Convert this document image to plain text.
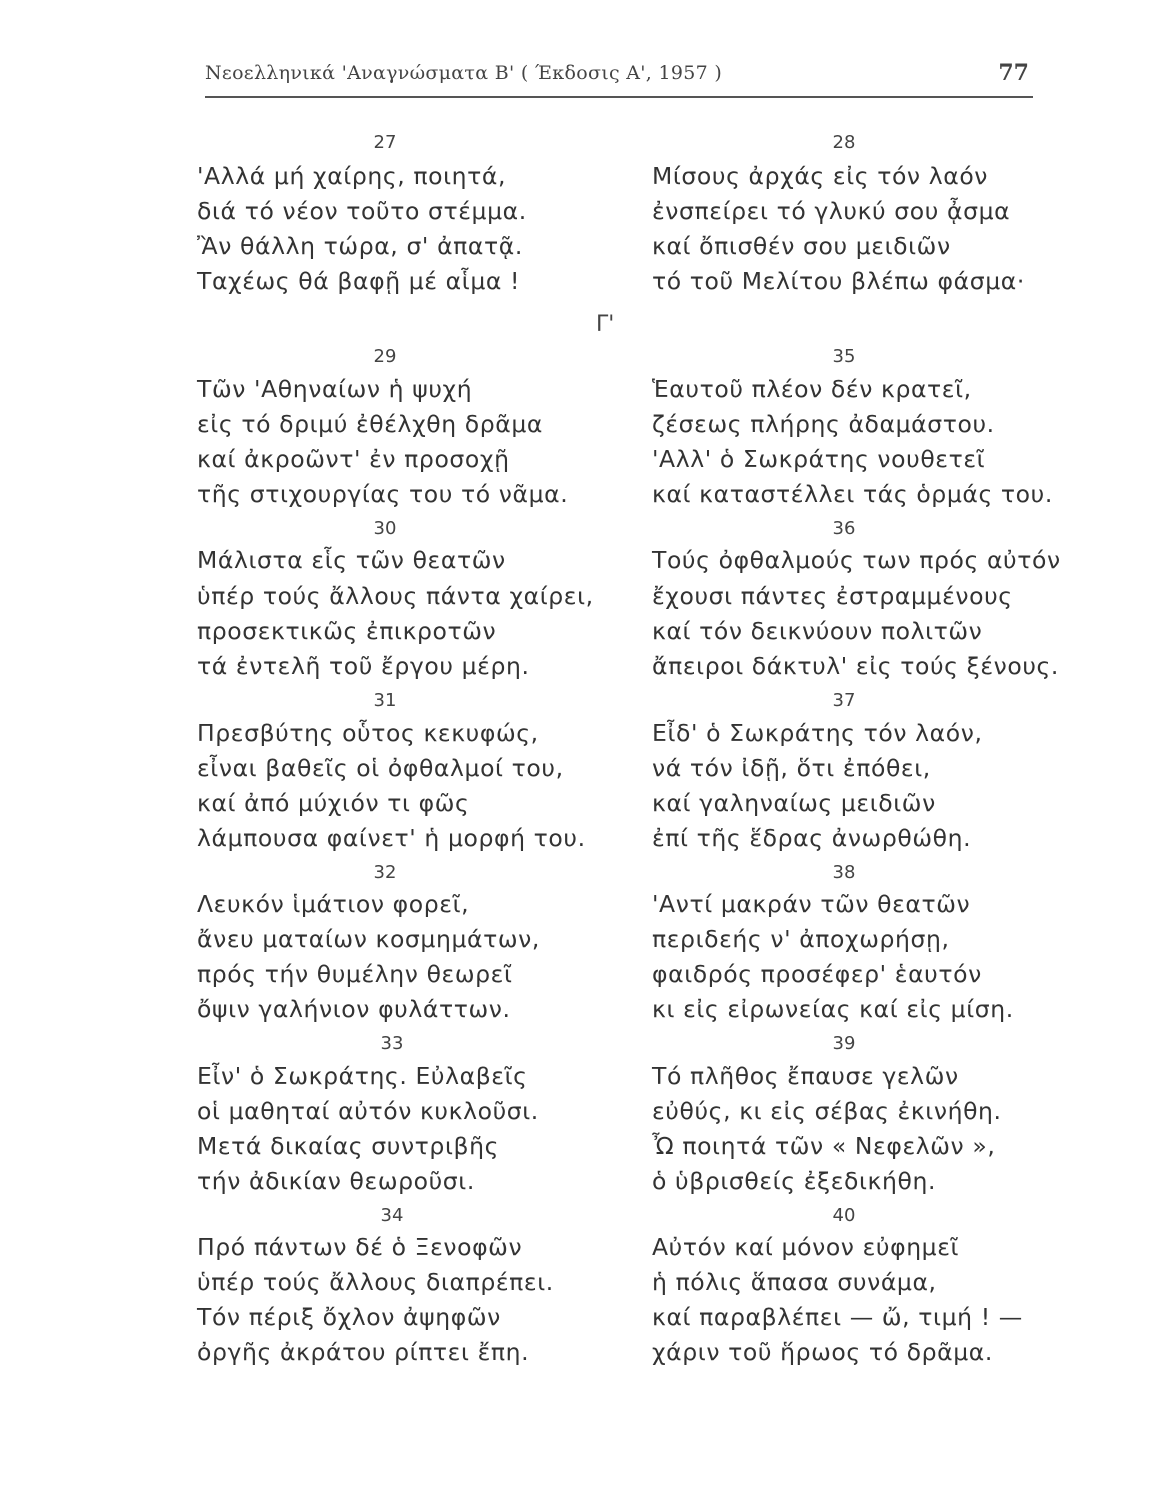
Νεοελληνικά 'Αναγνώσματα Β' ( Έκδοσις Α', 1957 )	77
Γ'
27
'Αλλά μή χαίρης, ποιητά,
διά τό νέον τοῦτο στέμμα.
Ἂν θάλλη τώρα, σ' ἀπατᾷ.
Ταχέως θά βαφῇ μέ αἷμα !
29
Τῶν 'Αθηναίων ἡ ψυχή
εἰς τό δριμύ ἐθέλχθη δρᾶμα
καί ἀκροῶντ' ἐν προσοχῇ
τῆς στιχουργίας του τό νᾶμα.
30
Μάλιστα εἷς τῶν θεατῶν
ὑπέρ τούς ἄλλους πάντα χαίρει,
προσεκτικῶς ἐπικροτῶν
τά ἐντελῆ τοῦ ἔργου μέρη.
31
Πρεσβύτης οὗτος κεκυφώς,
εἶναι βαθεῖς οἱ ὀφθαλμοί του,
καί ἀπό μύχιόν τι φῶς
λάμπουσα φαίνετ' ἡ μορφή του.
32
Λευκόν ἱμάτιον φορεῖ,
ἄνευ ματαίων κοσμημάτων,
πρός τήν θυμέλην θεωρεῖ
ὄψιν γαλήνιον φυλάττων.
33
Εἶν' ὁ Σωκράτης. Εὐλαβεῖς
οἱ μαθηταί αὐτόν κυκλοῦσι.
Μετά δικαίας συντριβῆς
τήν ἀδικίαν θεωροῦσι.
34
Πρό πάντων δέ ὁ Ξενοφῶν
ὑπέρ τούς ἄλλους διαπρέπει.
Τόν πέριξ ὄχλον ἀψηφῶν
ὀργῆς ἀκράτου ρίπτει ἔπη.
28
Μίσους ἀρχάς εἰς τόν λαόν
ἐνσπείρει τό γλυκύ σου ᾆσμα
καί ὄπισθέν σου μειδιῶν
τό τοῦ Μελίτου βλέπω φάσμα·
35
Ἑαυτοῦ πλέον δέν κρατεῖ,
ζέσεως πλήρης ἀδαμάστου.
'Αλλ' ὁ Σωκράτης νουθετεῖ
καί καταστέλλει τάς ὁρμάς του.
36
Τούς ὀφθαλμούς των πρός αὐτόν
ἔχουσι πάντες ἐστραμμένους
καί τόν δεικνύουν πολιτῶν
ἄπειροι δάκτυλ' εἰς τούς ξένους.
37
Εἶδ' ὁ Σωκράτης τόν λαόν,
νά τόν ἰδῇ, ὅτι ἐπόθει,
καί γαληναίως μειδιῶν
ἐπί τῆς ἕδρας ἀνωρθώθη.
38
'Αντί μακράν τῶν θεατῶν
περιδεής ν' ἀποχωρήσῃ,
φαιδρός προσέφερ' ἑαυτόν
κι εἰς εἰρωνείας καί εἰς μίση.
39
Τό πλῆθος ἔπαυσε γελῶν
εὐθύς, κι εἰς σέβας ἐκινήθη.
Ὦ ποιητά τῶν « Νεφελῶν »,
ὁ ὑβρισθείς ἐξεδικήθη.
40
Αὐτόν καί μόνον εὐφημεῖ
ἡ πόλις ἅπασα συνάμα,
καί παραβλέπει — ὤ, τιμή ! —
χάριν τοῦ ἥρωος τό δρᾶμα.
